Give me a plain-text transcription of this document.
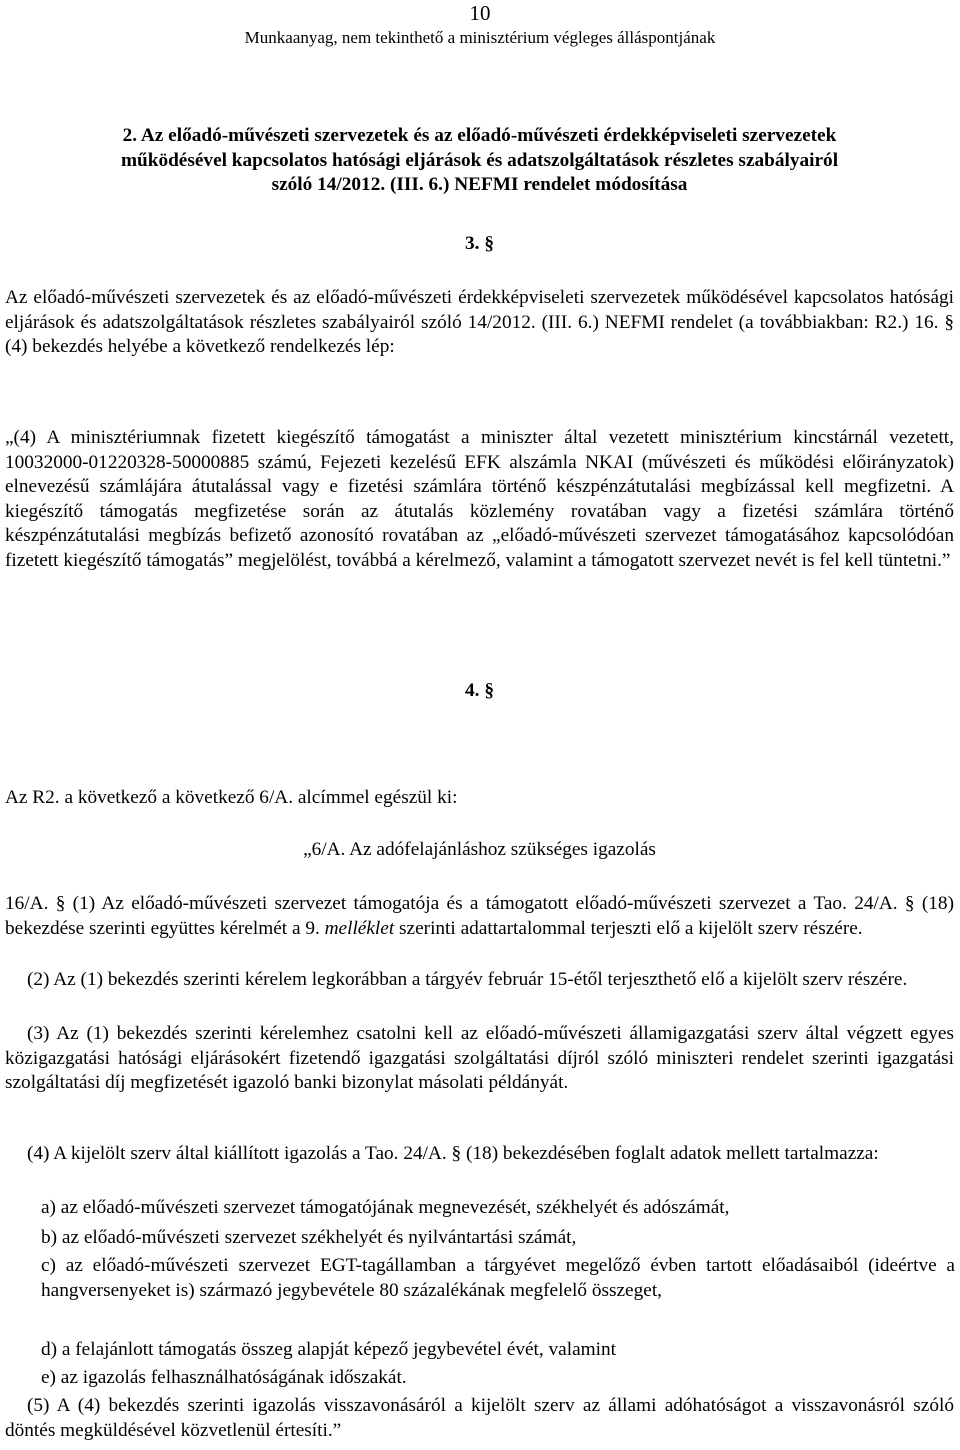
10
Munkaanyag, nem tekinthető a minisztérium végleges álláspontjának
2. Az előadó-művészeti szervezetek és az előadó-művészeti érdekképviseleti szervezetek
működésével kapcsolatos hatósági eljárások és adatszolgáltatások részletes szabályairól
szóló 14/2012. (III. 6.) NEFMI rendelet módosítása
3. §
Az előadó-művészeti szervezetek és az előadó-művészeti érdekképviseleti szervezetek működésével kapcsolatos hatósági eljárások és adatszolgáltatások részletes szabályairól szóló 14/2012. (III. 6.) NEFMI rendelet (a továbbiakban: R2.) 16. § (4) bekezdés helyébe a következő rendelkezés lép:
„(4) A minisztériumnak fizetett kiegészítő támogatást a miniszter által vezetett minisztérium kincstárnál vezetett, 10032000-01220328-50000885 számú, Fejezeti kezelésű EFK alszámla NKAI (művészeti és működési előirányzatok) elnevezésű számlájára átutalással vagy e fizetési számlára történő készpénzátutalási megbízással kell megfizetni. A kiegészítő támogatás megfizetése során az átutalás közlemény rovatában vagy a fizetési számlára történő készpénzátutalási megbízás befizető azonosító rovatában az „előadó-művészeti szervezet támogatásához kapcsolódóan fizetett kiegészítő támogatás” megjelölést, továbbá a kérelmező, valamint a támogatott szervezet nevét is fel kell tüntetni.”
4. §
Az R2. a következő a következő 6/A. alcímmel egészül ki:
„6/A. Az adófelajánláshoz szükséges igazolás
16/A. § (1) Az előadó-művészeti szervezet támogatója és a támogatott előadó-művészeti szervezet a Tao. 24/A. § (18) bekezdése szerinti együttes kérelmét a 9. melléklet szerinti adattartalommal terjeszti elő a kijelölt szerv részére.
(2) Az (1) bekezdés szerinti kérelem legkorábban a tárgyév február 15-étől terjeszthető elő a kijelölt szerv részére.
(3) Az (1) bekezdés szerinti kérelemhez csatolni kell az előadó-művészeti államigazgatási szerv által végzett egyes közigazgatási hatósági eljárásokért fizetendő igazgatási szolgáltatási díjról szóló miniszteri rendelet szerinti igazgatási szolgáltatási díj megfizetését igazoló banki bizonylat másolati példányát.
(4) A kijelölt szerv által kiállított igazolás a Tao. 24/A. § (18) bekezdésében foglalt adatok mellett tartalmazza:
a) az előadó-művészeti szervezet támogatójának megnevezését, székhelyét és adószámát,
b) az előadó-művészeti szervezet székhelyét és nyilvántartási számát,
c) az előadó-művészeti szervezet EGT-tagállamban a tárgyévet megelőző évben tartott előadásaiból (ideértve a hangversenyeket is) származó jegybevétele 80 százalékának megfelelő összeget,
d) a felajánlott támogatás összeg alapját képező jegybevétel évét, valamint
e) az igazolás felhasználhatóságának időszakát.
(5) A (4) bekezdés szerinti igazolás visszavonásáról a kijelölt szerv az állami adóhatóságot a visszavonásról szóló döntés megküldésével közvetlenül értesíti.”
